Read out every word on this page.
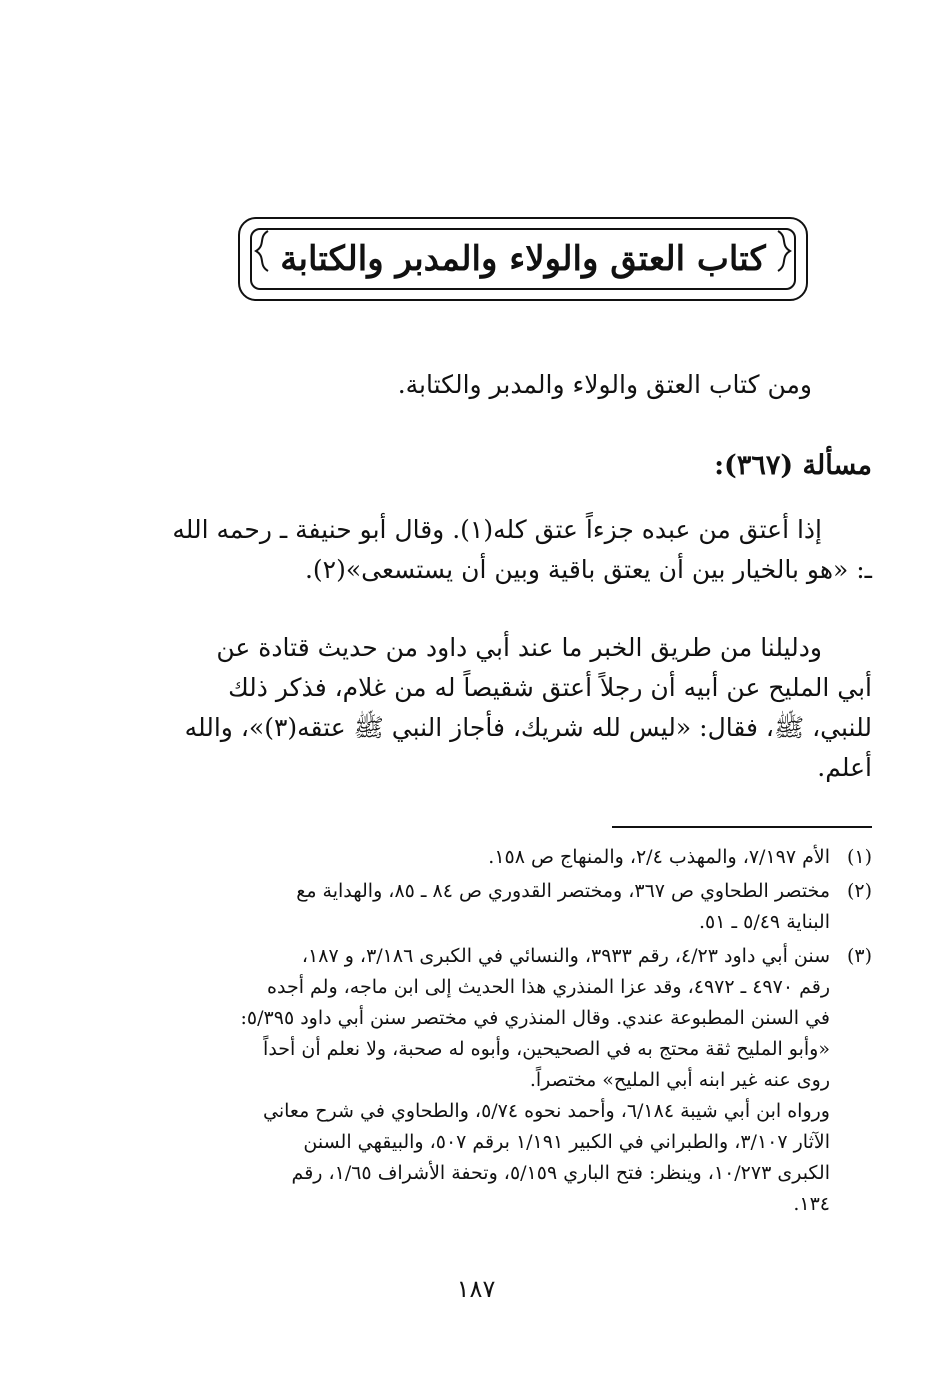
كتاب العتق والولاء والمدبر والكتابة
ومن كتاب العتق والولاء والمدبر والكتابة.
مسألة (٣٦٧):
إذا أعتق من عبده جزءاً عتق كله(١). وقال أبو حنيفة ـ رحمه الله
ـ: «هو بالخيار بين أن يعتق باقية وبين أن يستسعى»(٢).
ودليلنا من طريق الخبر ما عند أبي داود من حديث قتادة عن
أبي المليح عن أبيه أن رجلاً أعتق شقيصاً له من غلام، فذكر ذلك
للنبي، ﷺ، فقال: «ليس لله شريك، فأجاز النبي ﷺ عتقه(٣)»، والله
أعلم.
(١)
الأم ٧/١٩٧، والمهذب ٢/٤، والمنهاج ص ١٥٨.
(٢)
مختصر الطحاوي ص ٣٦٧، ومختصر القدوري ص ٨٤ ـ ٨٥، والهداية مع
البناية ٥/٤٩ ـ ٥١.
(٣)
سنن أبي داود ٤/٢٣، رقم ٣٩٣٣، والنسائي في الكبرى ٣/١٨٦، و ١٨٧،
رقم ٤٩٧٠ ـ ٤٩٧٢، وقد عزا المنذري هذا الحديث إلى ابن ماجه، ولم أجده
في السنن المطبوعة عندي. وقال المنذري في مختصر سنن أبي داود ٥/٣٩٥:
«وأبو المليح ثقة محتج به في الصحيحين، وأبوه له صحبة، ولا نعلم أن أحداً
روى عنه غير ابنه أبي المليح» مختصراً.
ورواه ابن أبي شيبة ٦/١٨٤، وأحمد نحوه ٥/٧٤، والطحاوي في شرح معاني
الآثار ٣/١٠٧، والطبراني في الكبير ١/١٩١ برقم ٥٠٧، والبيقهي السنن
الكبرى ١٠/٢٧٣، وينظر: فتح الباري ٥/١٥٩، وتحفة الأشراف ١/٦٥، رقم
١٣٤.
١٨٧
